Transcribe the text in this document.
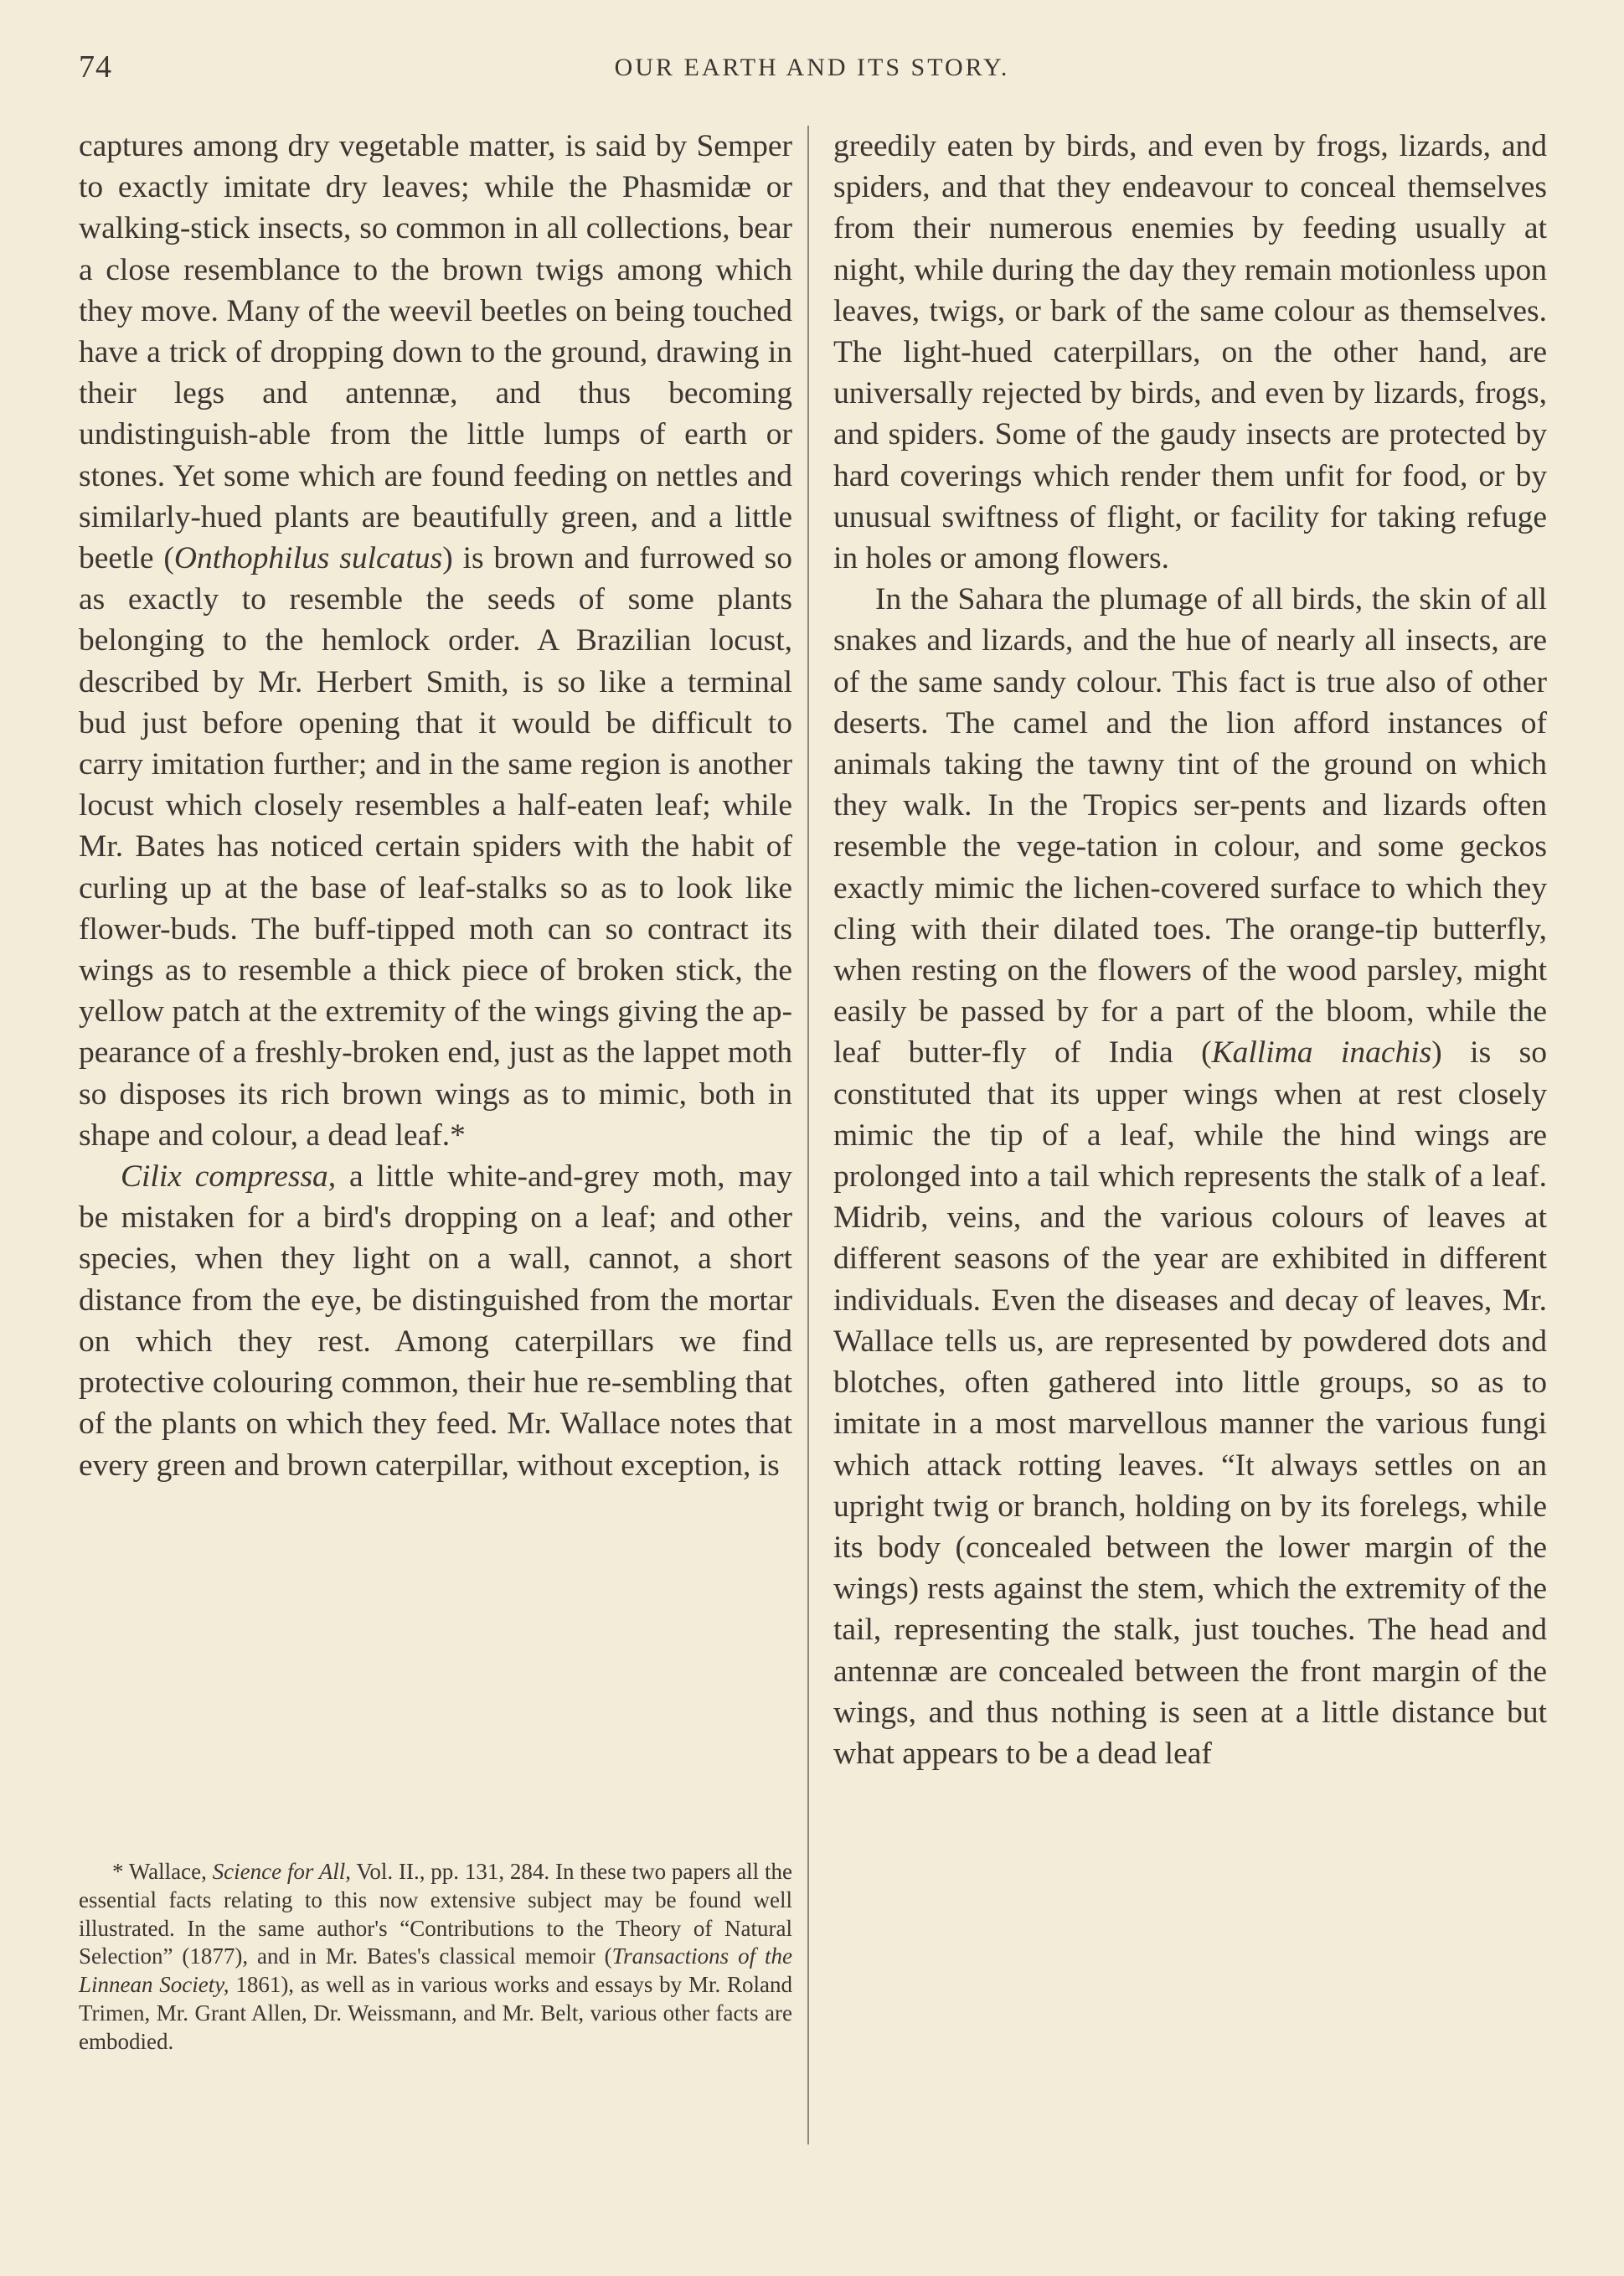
74	OUR EARTH AND ITS STORY.

captures among dry vegetable matter, is said by Semper to exactly imitate dry leaves; while the Phasmidæ or walking-stick insects, so common in all collections, bear a close resemblance to the brown twigs among which they move. Many of the weevil beetles on being touched have a trick of dropping down to the ground, drawing in their legs and antennæ, and thus becoming undistinguish-able from the little lumps of earth or stones. Yet some which are found feeding on nettles and similarly-hued plants are beautifully green, and a little beetle (Onthophilus sulcatus) is brown and furrowed so as exactly to resemble the seeds of some plants belonging to the hemlock order. A Brazilian locust, described by Mr. Herbert Smith, is so like a terminal bud just before opening that it would be difficult to carry imitation further; and in the same region is another locust which closely resembles a half-eaten leaf; while Mr. Bates has noticed certain spiders with the habit of curling up at the base of leaf-stalks so as to look like flower-buds. The buff-tipped moth can so contract its wings as to resemble a thick piece of broken stick, the yellow patch at the extremity of the wings giving the ap-pearance of a freshly-broken end, just as the lappet moth so disposes its rich brown wings as to mimic, both in shape and colour, a dead leaf.*

Cilix compressa, a little white-and-grey moth, may be mistaken for a bird's dropping on a leaf; and other species, when they light on a wall, cannot, a short distance from the eye, be distinguished from the mortar on which they rest. Among caterpillars we find protective colouring common, their hue re-sembling that of the plants on which they feed. Mr. Wallace notes that every green and brown caterpillar, without exception, is

* Wallace, Science for All, Vol. II., pp. 131, 284. In these two papers all the essential facts relating to this now extensive subject may be found well illustrated. In the same author's “Contributions to the Theory of Natural Selection” (1877), and in Mr. Bates's classical memoir (Transactions of the Linnean Society, 1861), as well as in various works and essays by Mr. Roland Trimen, Mr. Grant Allen, Dr. Weissmann, and Mr. Belt, various other facts are embodied.

greedily eaten by birds, and even by frogs, lizards, and spiders, and that they endeavour to conceal themselves from their numerous enemies by feeding usually at night, while during the day they remain motionless upon leaves, twigs, or bark of the same colour as themselves. The light-hued caterpillars, on the other hand, are universally rejected by birds, and even by lizards, frogs, and spiders. Some of the gaudy insects are protected by hard coverings which render them unfit for food, or by unusual swiftness of flight, or facility for taking refuge in holes or among flowers.

In the Sahara the plumage of all birds, the skin of all snakes and lizards, and the hue of nearly all insects, are of the same sandy colour. This fact is true also of other deserts. The camel and the lion afford instances of animals taking the tawny tint of the ground on which they walk. In the Tropics ser-pents and lizards often resemble the vege-tation in colour, and some geckos exactly mimic the lichen-covered surface to which they cling with their dilated toes. The orange-tip butterfly, when resting on the flowers of the wood parsley, might easily be passed by for a part of the bloom, while the leaf butter-fly of India (Kallima inachis) is so constituted that its upper wings when at rest closely mimic the tip of a leaf, while the hind wings are prolonged into a tail which represents the stalk of a leaf. Midrib, veins, and the various colours of leaves at different seasons of the year are exhibited in different individuals. Even the diseases and decay of leaves, Mr. Wallace tells us, are represented by powdered dots and blotches, often gathered into little groups, so as to imitate in a most marvellous manner the various fungi which attack rotting leaves. “It always settles on an upright twig or branch, holding on by its forelegs, while its body (concealed between the lower margin of the wings) rests against the stem, which the extremity of the tail, representing the stalk, just touches. The head and antennæ are concealed between the front margin of the wings, and thus nothing is seen at a little distance but what appears to be a dead leaf
